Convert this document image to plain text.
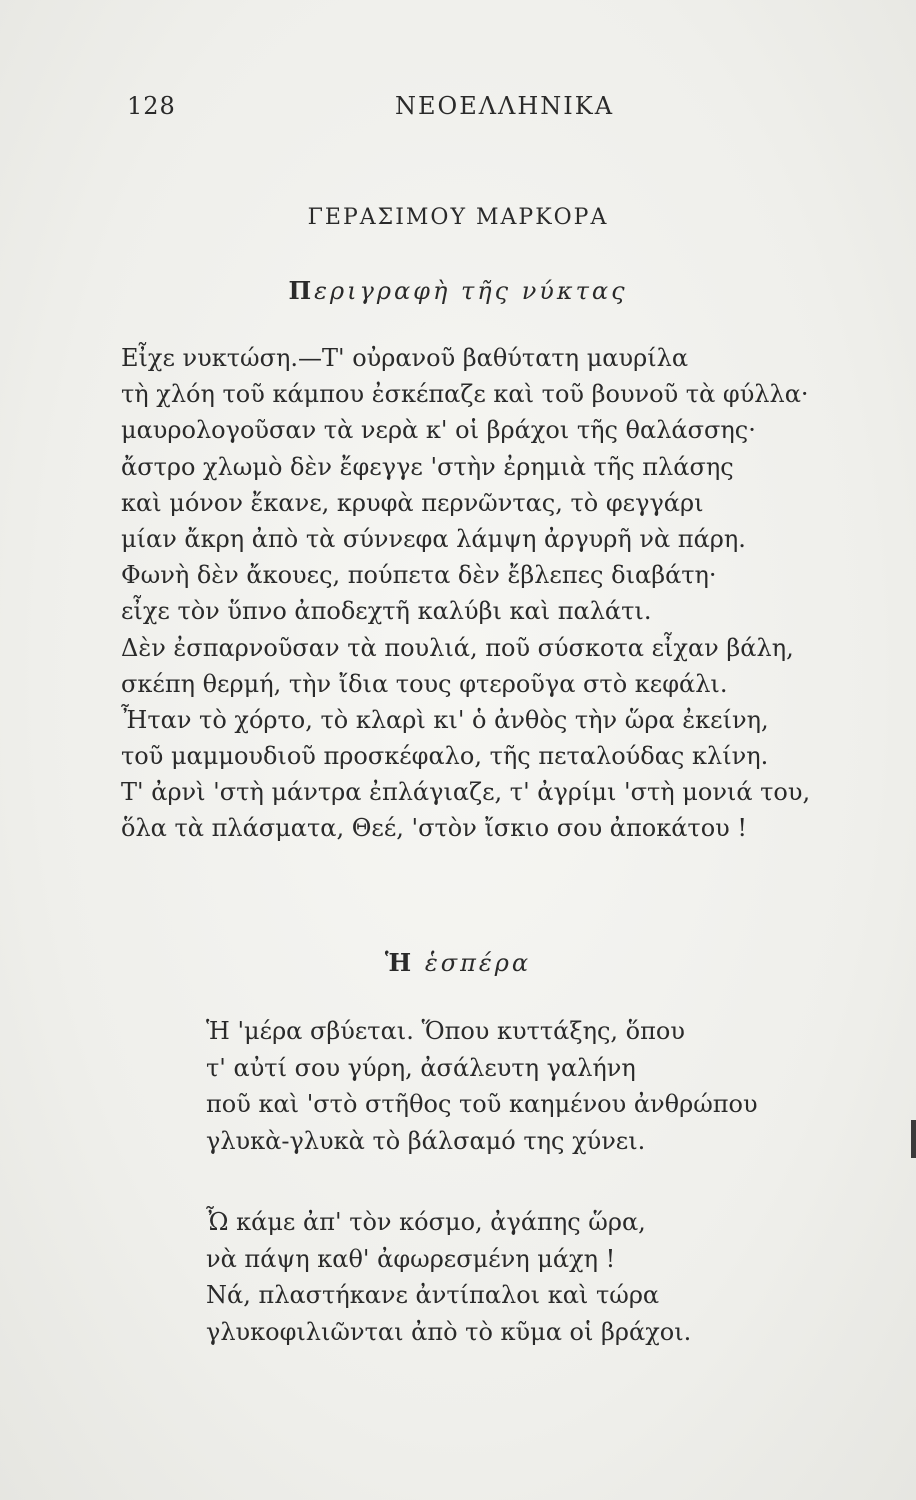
128	ΝΕΟΕΛΛΗΝΙΚΑ
ΓΕΡΑΣΙΜΟΥ ΜΑΡΚΟΡΑ
Περιγραφὴ τῆς νύκτας
Εἶχε νυκτώση.—Τ' οὐρανοῦ βαθύτατη μαυρίλα
τὴ χλόη τοῦ κάμπου ἐσκέπαζε καὶ τοῦ βουνοῦ τὰ φύλλα·
μαυρολογοῦσαν τὰ νερὰ κ' οἱ βράχοι τῆς θαλάσσης·
ἄστρο χλωμὸ δὲν ἔφεγγε 'στὴν ἐρημιὰ τῆς πλάσης
καὶ μόνον ἔκανε, κρυφὰ περνῶντας, τὸ φεγγάρι
μίαν ἄκρη ἀπὸ τὰ σύννεφα λάμψη ἀργυρῆ νὰ πάρη.
Φωνὴ δὲν ἄκουες, πούπετα δὲν ἔβλεπες διαβάτη·
εἶχε τὸν ὕπνο ἀποδεχτῆ καλύβι καὶ παλάτι.
Δὲν ἐσπαρνοῦσαν τὰ πουλιά, ποῦ σύσκοτα εἶχαν βάλη,
σκέπη θερμή, τὴν ἴδια τους φτεροῦγα στὸ κεφάλι.
Ἦταν τὸ χόρτο, τὸ κλαρὶ κι' ὁ ἀνθὸς τὴν ὥρα ἐκείνη,
τοῦ μαμμουδιοῦ προσκέφαλο, τῆς πεταλούδας κλίνη.
Τ' ἀρνὶ 'στὴ μάντρα ἐπλάγιαζε, τ' ἀγρίμι 'στὴ μονιά του,
ὅλα τὰ πλάσματα, Θεέ, 'στὸν ἴσκιο σου ἀποκάτου !
Ἡ ἑσπέρα
Ἡ 'μέρα σβύεται. Ὅπου κυττάξης, ὅπου
τ' αὐτί σου γύρη, ἀσάλευτη γαλήνη
ποῦ καὶ 'στὸ στῆθος τοῦ καημένου ἀνθρώπου
γλυκὰ-γλυκὰ τὸ βάλσαμό της χύνει.
Ὦ κάμε ἀπ' τὸν κόσμο, ἀγάπης ὥρα,
νὰ πάψη καθ' ἀφωρεσμένη μάχη !
Νά, πλαστήκανε ἀντίπαλοι καὶ τώρα
γλυκοφιλιῶνται ἀπὸ τὸ κῦμα οἱ βράχοι.
